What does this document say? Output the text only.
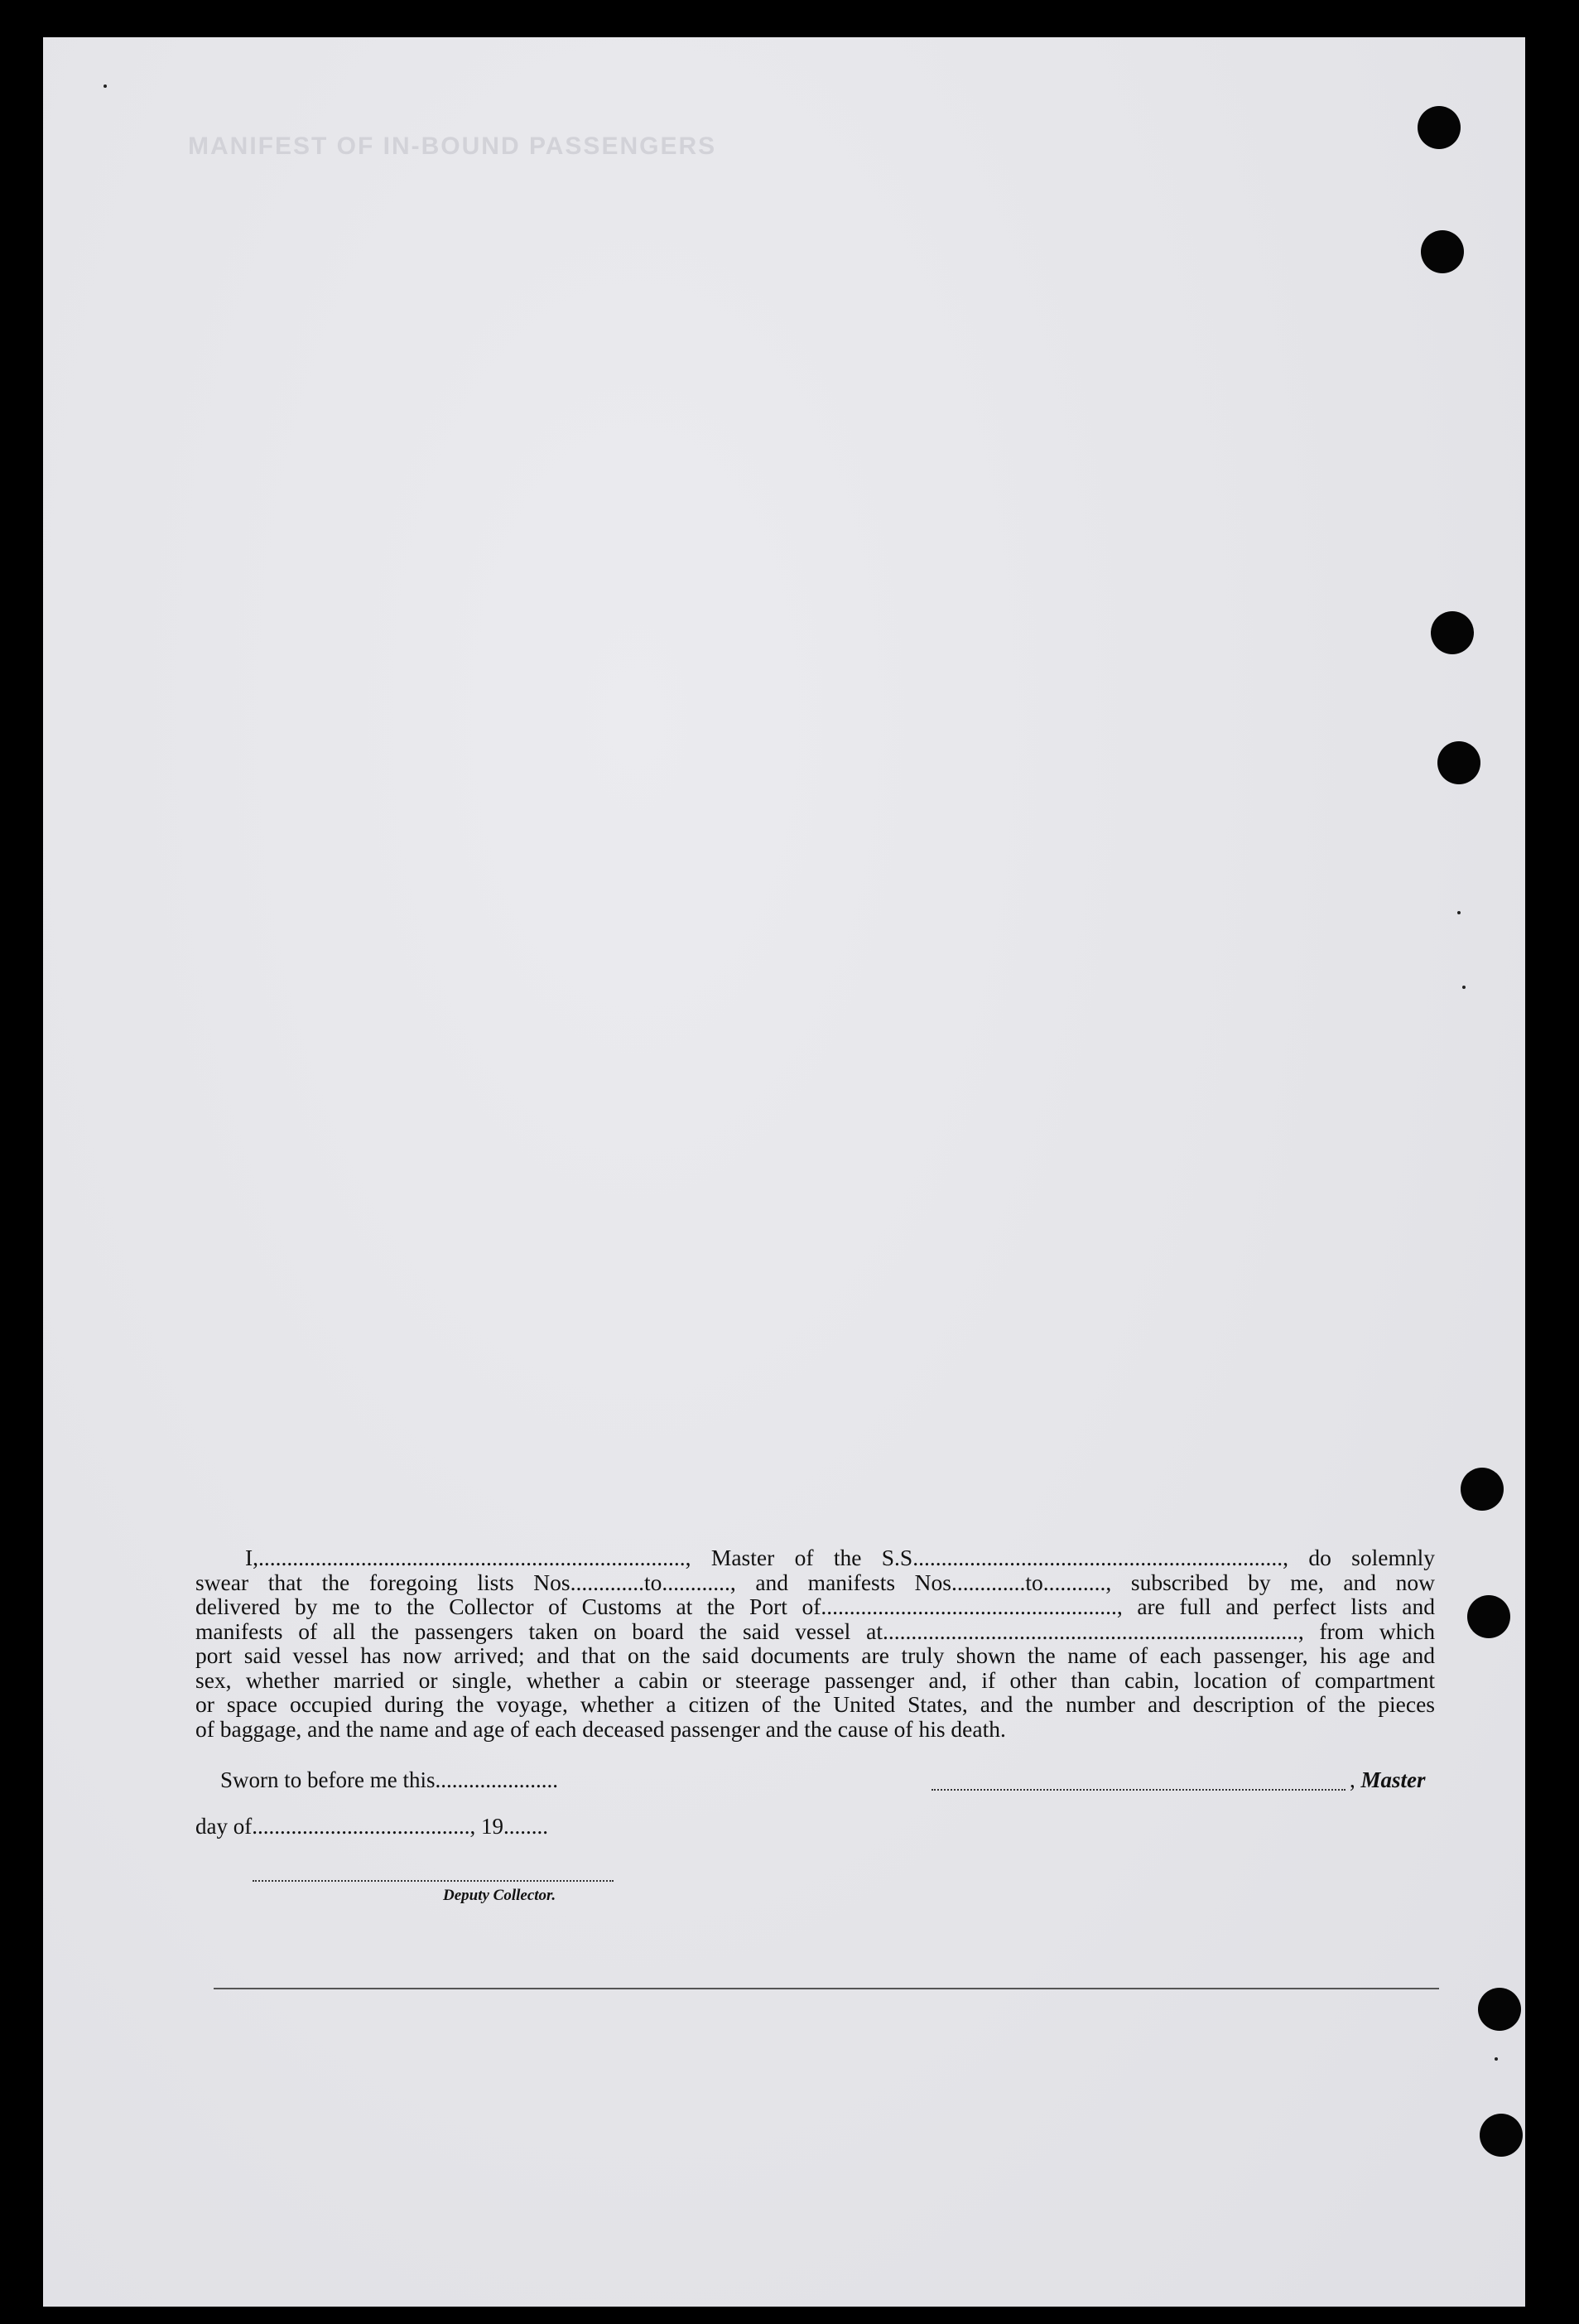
MANIFEST OF IN-BOUND PASSENGERS
I,..........................................................................., Master of the S.S................................................................., do solemnly
swear that the foregoing lists Nos.............to............, and manifests Nos.............to..........., subscribed by me, and now
delivered by me to the Collector of Customs at the Port of...................................................., are full and perfect lists and
manifests of all the passengers taken on board the said vessel at........................................................................., from which
port said vessel has now arrived; and that on the said documents are truly shown the name of each passenger, his age and
sex, whether married or single, whether a cabin or steerage passenger and, if other than cabin, location of compartment
or space occupied during the voyage, whether a citizen of the United States, and the number and description of the pieces
of baggage, and the name and age of each deceased passenger and the cause of his death.
Sworn to before me this......................	, Master
day of......................................., 19........
Deputy Collector.
